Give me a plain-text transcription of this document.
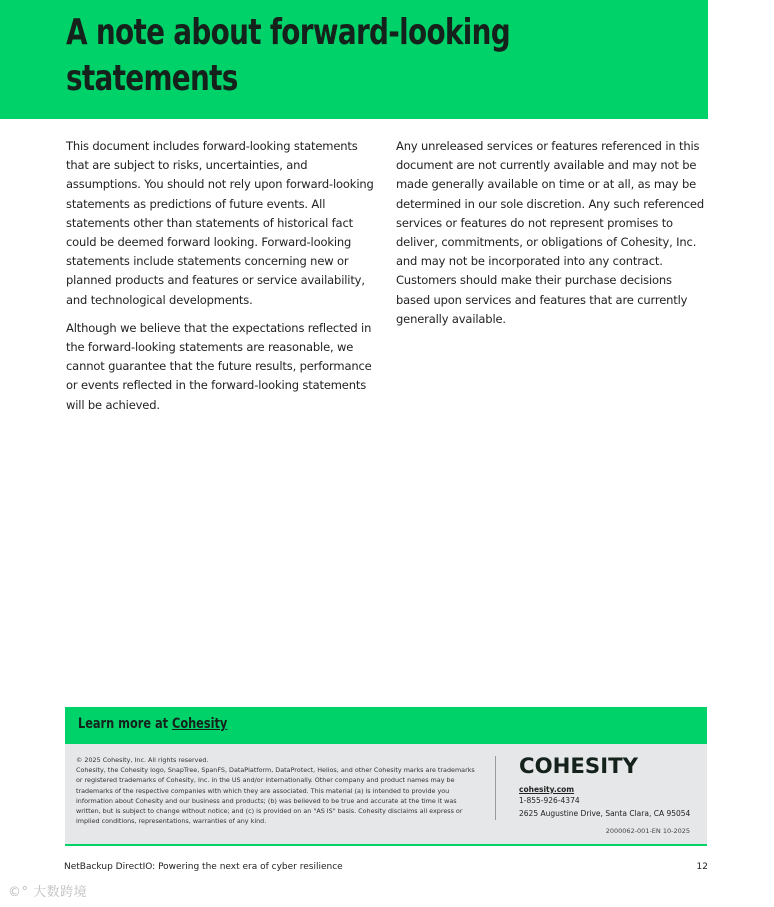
A note about forward-looking
statements

This document includes forward-looking statements that are subject to risks, uncertainties, and assumptions. You should not rely upon forward-looking statements as predictions of future events. All statements other than statements of historical fact could be deemed forward looking. Forward-looking statements include statements concerning new or planned products and features or service availability, and technological developments.

Although we believe that the expectations reflected in the forward-looking statements are reasonable, we cannot guarantee that the future results, performance or events reflected in the forward-looking statements will be achieved.

Any unreleased services or features referenced in this document are not currently available and may not be made generally available on time or at all, as may be determined in our sole discretion. Any such referenced services or features do not represent promises to deliver, commitments, or obligations of Cohesity, Inc. and may not be incorporated into any contract. Customers should make their purchase decisions based upon services and features that are currently generally available.

Learn more at Cohesity

© 2025 Cohesity, Inc. All rights reserved.

Cohesity, the Cohesity logo, SnapTree, SpanFS, DataPlatform, DataProtect, Helios, and other Cohesity marks are trademarks or registered trademarks of Cohesity, Inc. in the US and/or internationally. Other company and product names may be trademarks of the respective companies with which they are associated. This material (a) is intended to provide you information about Cohesity and our business and products; (b) was believed to be true and accurate at the time it was written, but is subject to change without notice; and (c) is provided on an "AS IS" basis. Cohesity disclaims all express or implied conditions, representations, warranties of any kind.

COHESITY
cohesity.com
1-855-926-4374
2625 Augustine Drive, Santa Clara, CA 95054
2000062-001-EN 10-2025
NetBackup DirectIO: Powering the next era of cyber resilience	12
©° 大数跨境
